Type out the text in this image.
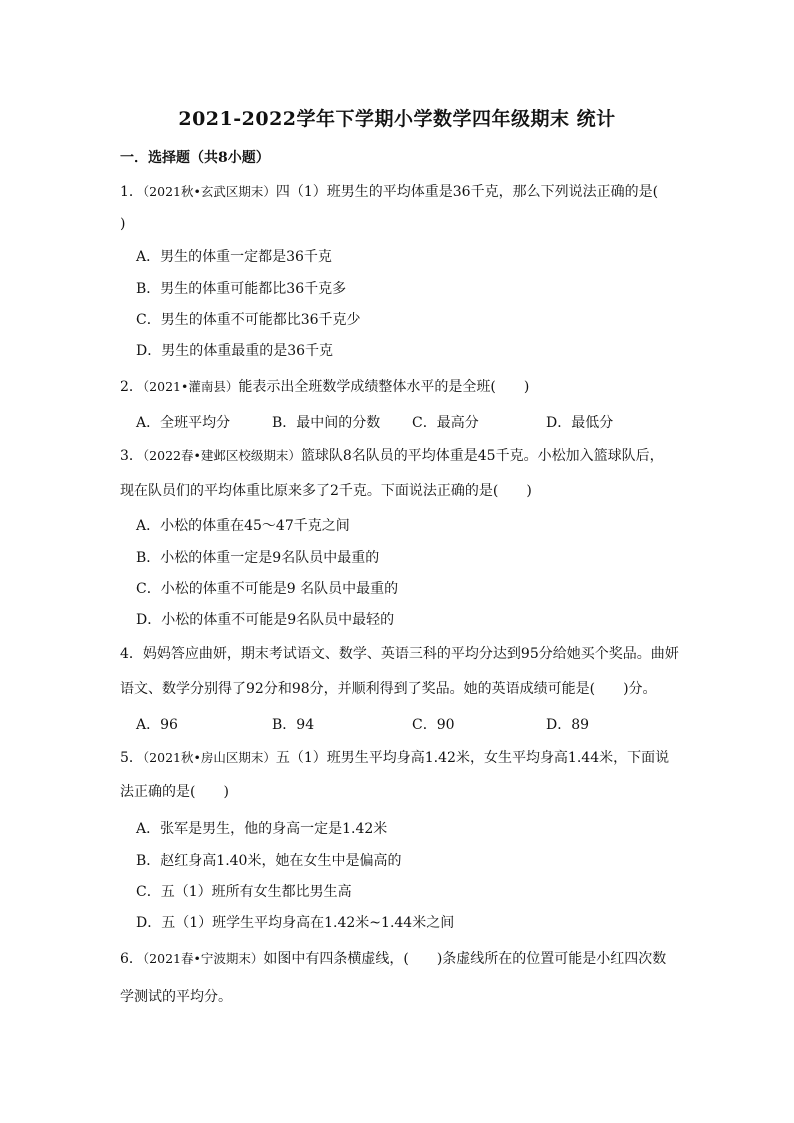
2021-2022学年下学期小学数学四年级期末 统计
一．选择题（共8小题）
1．（2021秋•玄武区期末）四（1）班男生的平均体重是36千克，那么下列说法正确的是(
)
A．男生的体重一定都是36千克
B．男生的体重可能都比36千克多
C．男生的体重不可能都比36千克少
D．男生的体重最重的是36千克
2．（2021•灌南县）能表示出全班数学成绩整体水平的是全班(　　)
A．全班平均分	B．最中间的分数 C．最高分	D．最低分
3．（2022春•建邺区校级期末）篮球队8名队员的平均体重是45千克。小松加入篮球队后，
现在队员们的平均体重比原来多了2千克。下面说法正确的是(　　)
A．小松的体重在45～47千克之间
B．小松的体重一定是9名队员中最重的
C．小松的体重不可能是9 名队员中最重的
D．小松的体重不可能是9名队员中最轻的
4．妈妈答应曲妍，期末考试语文、数学、英语三科的平均分达到95分给她买个奖品。曲妍
语文、数学分别得了92分和98分，并顺利得到了奖品。她的英语成绩可能是(　　)分。
A．96	B．94	C．90	D．89
5．（2021秋•房山区期末）五（1）班男生平均身高1.42米，女生平均身高1.44米，下面说
法正确的是(　　)
A．张军是男生，他的身高一定是1.42米
B．赵红身高1.40米，她在女生中是偏高的
C．五（1）班所有女生都比男生高
D．五（1）班学生平均身高在1.42米~1.44米之间
6．（2021春•宁波期末）如图中有四条横虚线，(　　)条虚线所在的位置可能是小红四次数
学测试的平均分。
